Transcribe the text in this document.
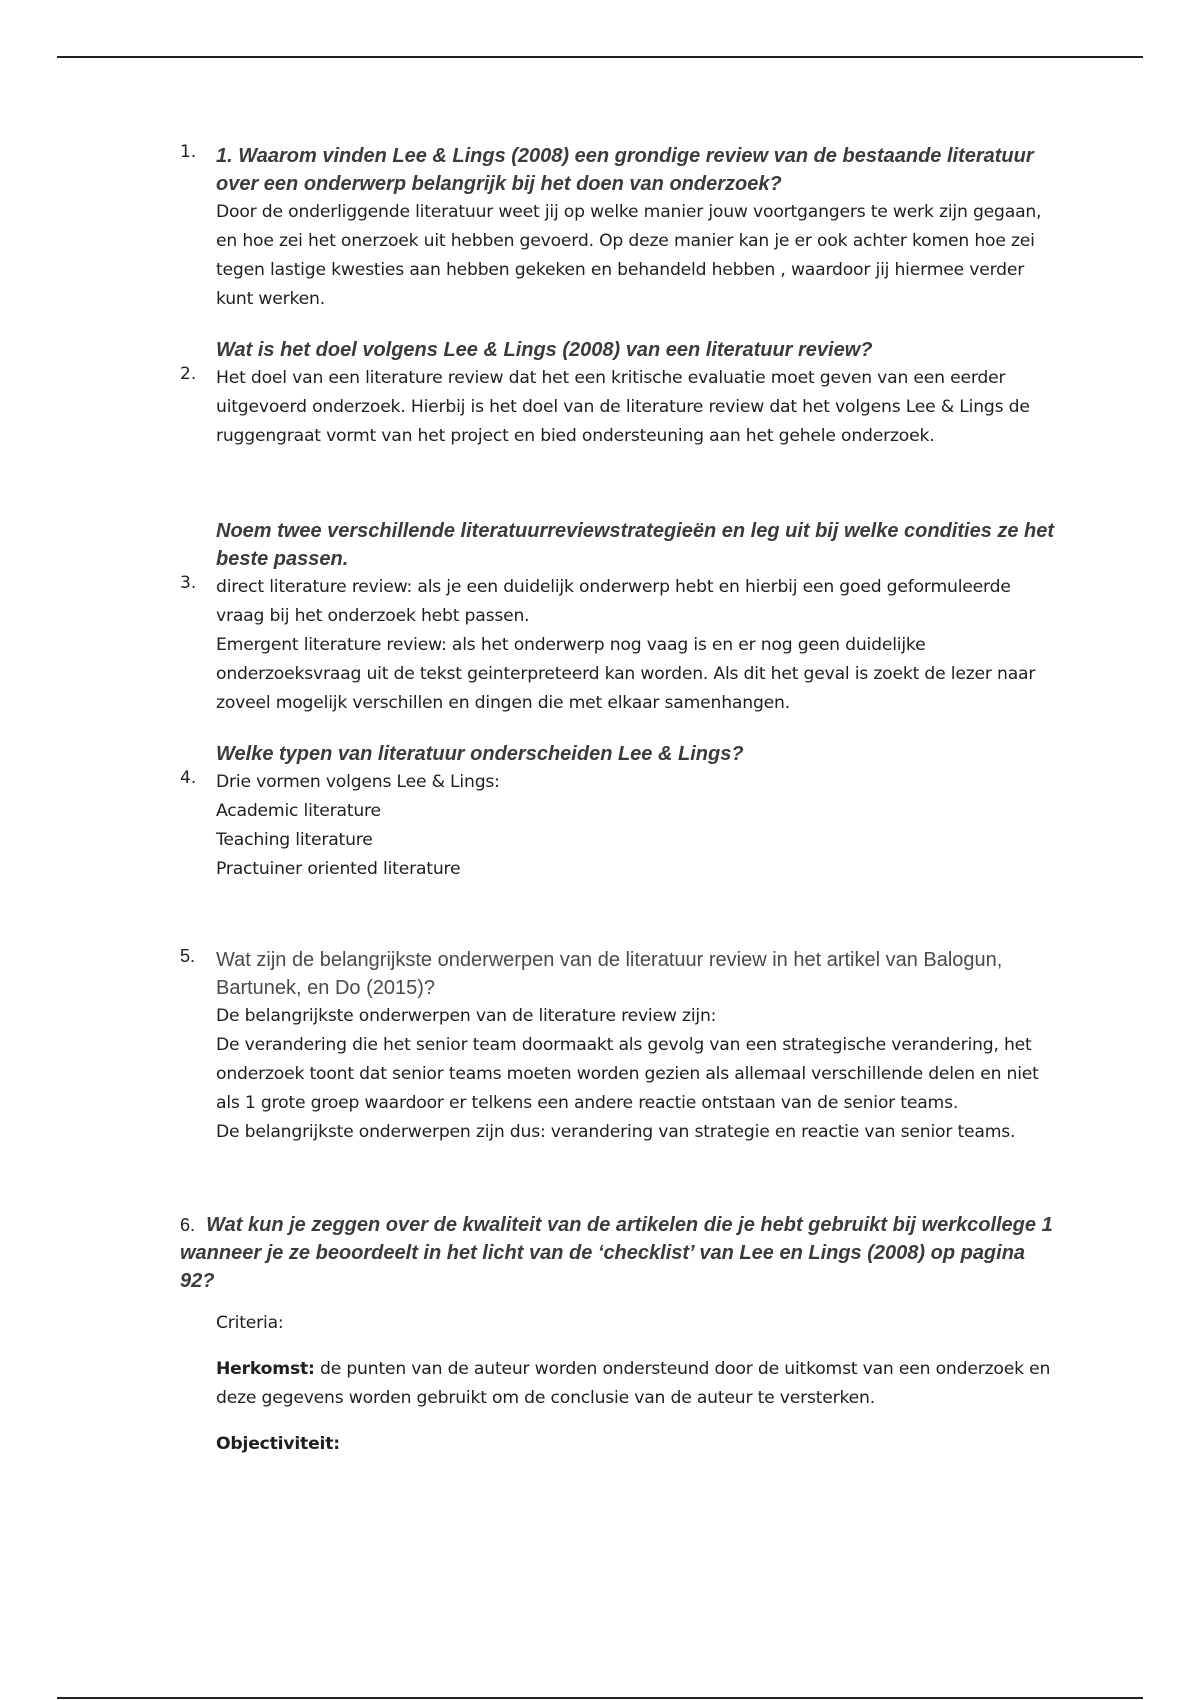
1. 1. Waarom vinden Lee & Lings (2008) een grondige review van de bestaande literatuur over een onderwerp belangrijk bij het doen van onderzoek?

Door de onderliggende literatuur weet jij op welke manier jouw voortgangers te werk zijn gegaan, en hoe zei het onerzoek uit hebben gevoerd. Op deze manier kan je er ook achter komen hoe zei tegen lastige kwesties aan hebben gekeken en behandeld hebben , waardoor jij hiermee verder kunt werken.

Wat is het doel volgens Lee & Lings (2008) van een literatuur review?

2. Het doel van een literature review dat het een kritische evaluatie moet geven van een eerder uitgevoerd onderzoek. Hierbij is het doel van de literature review dat het volgens Lee & Lings de ruggengraat vormt van het project en bied ondersteuning aan het gehele onderzoek.

Noem twee verschillende literatuurreviewstrategieën en leg uit bij welke condities ze het beste passen.

3. direct literature review: als je een duidelijk onderwerp hebt en hierbij een goed geformuleerde vraag bij het onderzoek hebt passen.

Emergent literature review: als het onderwerp nog vaag is en er nog geen duidelijke onderzoeksvraag uit de tekst geinterpreteerd kan worden. Als dit het geval is zoekt de lezer naar zoveel mogelijk verschillen en dingen die met elkaar samenhangen.

Welke typen van literatuur onderscheiden Lee & Lings?

4. Drie vormen volgens Lee & Lings:

Academic literature

Teaching literature

Practuiner oriented literature

5. Wat zijn de belangrijkste onderwerpen van de literatuur review in het artikel van Balogun, Bartunek, en Do (2015)?

De belangrijkste onderwerpen van de literature review zijn:

De verandering die het senior team doormaakt als gevolg van een strategische verandering, het onderzoek toont dat senior teams moeten worden gezien als allemaal verschillende delen en niet als 1 grote groep waardoor er telkens een andere reactie ontstaan van de senior teams.

De belangrijkste onderwerpen zijn dus: verandering van strategie en reactie van senior teams.

6. Wat kun je zeggen over de kwaliteit van de artikelen die je hebt gebruikt bij werkcollege 1 wanneer je ze beoordeelt in het licht van de ‘checklist’ van Lee en Lings (2008) op pagina 92?

Criteria:

Herkomst: de punten van de auteur worden ondersteund door de uitkomst van een onderzoek en deze gegevens worden gebruikt om de conclusie van de auteur te versterken.

Objectiviteit:
